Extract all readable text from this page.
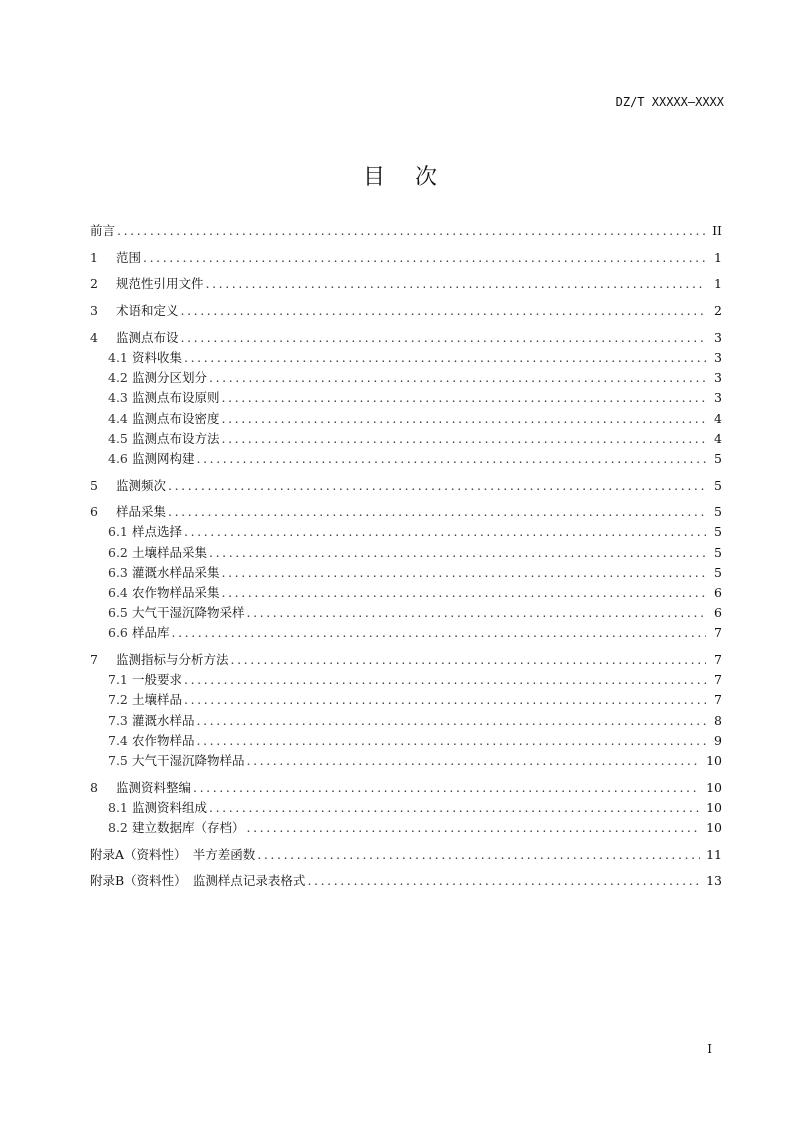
DZ/T XXXXX—XXXX
目 次
前言 .....	II
1	范围 .....	1
2	规范性引用文件 .....	1
3	术语和定义 .....	2
4	监测点布设 .....	3
4.1 资料收集 .....	3
4.2 监测分区划分 .....	3
4.3 监测点布设原则 .....	3
4.4 监测点布设密度 .....	4
4.5 监测点布设方法 .....	4
4.6 监测网构建 .....	5
5	监测频次 .....	5
6	样品采集 .....	5
6.1 样点选择 .....	5
6.2 土壤样品采集 .....	5
6.3 灌溉水样品采集 .....	5
6.4 农作物样品采集 .....	6
6.5 大气干湿沉降物采样 .....	6
6.6 样品库 .....	7
7	监测指标与分析方法 .....	7
7.1 一般要求 .....	7
7.2 土壤样品 .....	7
7.3 灌溉水样品 .....	8
7.4 农作物样品 .....	9
7.5 大气干湿沉降物样品 .....	10
8	监测资料整编 .....	10
8.1 监测资料组成 .....	10
8.2 建立数据库（存档） .....	10
附录A（资料性）　半方差函数 .....	11
附录B（资料性）　监测样点记录表格式 .....	13
I
